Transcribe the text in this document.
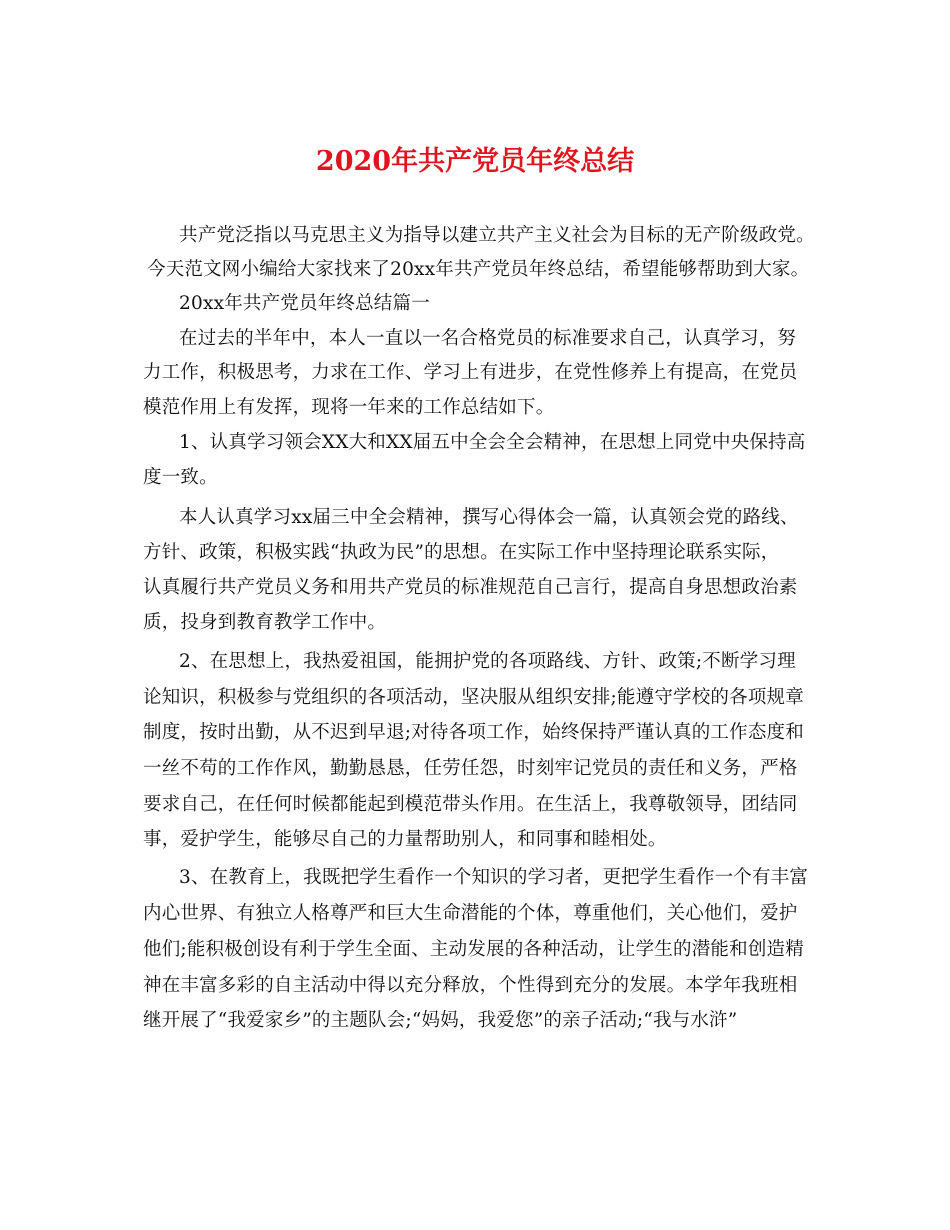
2020年共产党员年终总结
共产党泛指以马克思主义为指导以建立共产主义社会为目标的无产阶级政党。
今天范文网小编给大家找来了20xx年共产党员年终总结，希望能够帮助到大家。
20xx年共产党员年终总结篇一
在过去的半年中，本人一直以一名合格党员的标准要求自己，认真学习，努
力工作，积极思考，力求在工作、学习上有进步，在党性修养上有提高，在党员
模范作用上有发挥，现将一年来的工作总结如下。
1、认真学习领会XX大和XX届五中全会全会精神，在思想上同党中央保持高
度一致。
本人认真学习xx届三中全会精神，撰写心得体会一篇，认真领会党的路线、
方针、政策，积极实践“执政为民”的思想。在实际工作中坚持理论联系实际，
认真履行共产党员义务和用共产党员的标准规范自己言行，提高自身思想政治素
质，投身到教育教学工作中。
2、在思想上，我热爱祖国，能拥护党的各项路线、方针、政策;不断学习理
论知识，积极参与党组织的各项活动，坚决服从组织安排;能遵守学校的各项规章
制度，按时出勤，从不迟到早退;对待各项工作，始终保持严谨认真的工作态度和
一丝不苟的工作作风，勤勤恳恳，任劳任怨，时刻牢记党员的责任和义务，严格
要求自己，在任何时候都能起到模范带头作用。在生活上，我尊敬领导，团结同
事，爱护学生，能够尽自己的力量帮助别人，和同事和睦相处。
3、在教育上，我既把学生看作一个知识的学习者，更把学生看作一个有丰富
内心世界、有独立人格尊严和巨大生命潜能的个体，尊重他们，关心他们，爱护
他们;能积极创设有利于学生全面、主动发展的各种活动，让学生的潜能和创造精
神在丰富多彩的自主活动中得以充分释放，个性得到充分的发展。本学年我班相
继开展了“我爱家乡”的主题队会;“妈妈，我爱您”的亲子活动;“我与水浒”
